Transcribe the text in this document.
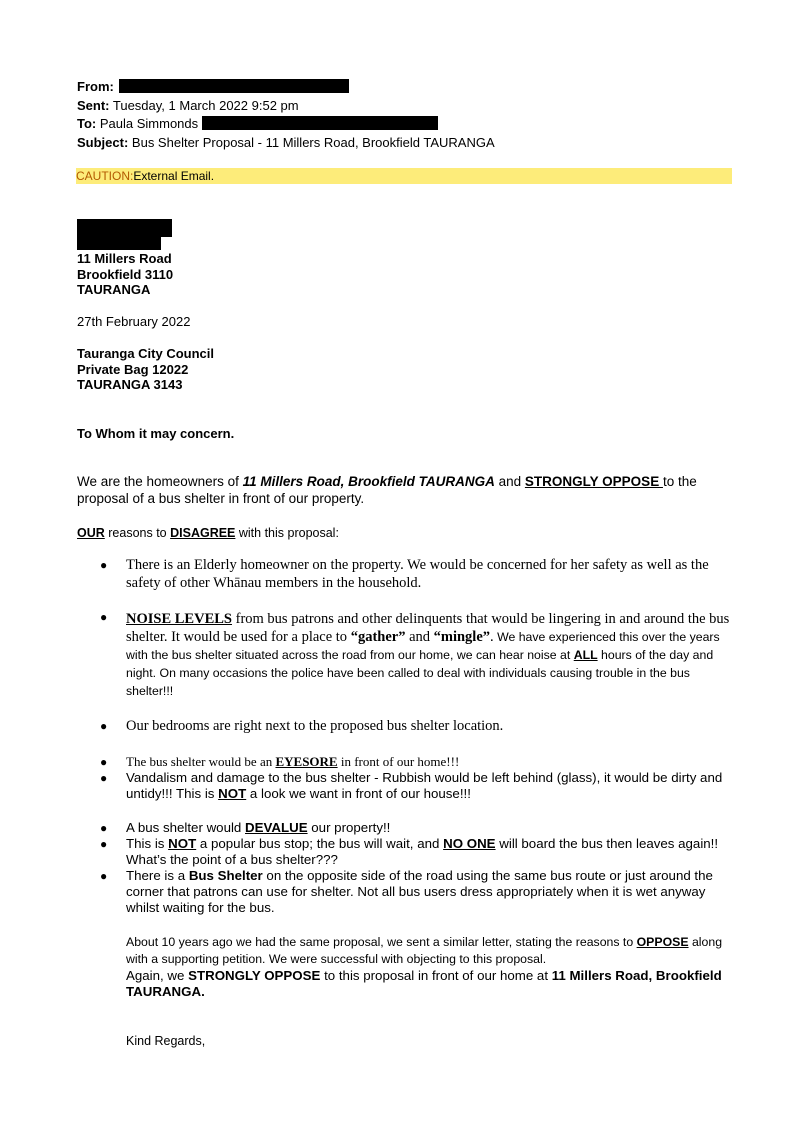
From:
Sent: Tuesday, 1 March 2022 9:52 pm
To: Paula Simmonds
Subject: Bus Shelter Proposal - 11 Millers Road, Brookfield TAURANGA
CAUTION:External Email.
11 Millers Road
Brookfield 3110
TAURANGA
27th February 2022
Tauranga City Council
Private Bag 12022
TAURANGA 3143
To Whom it may concern.
We are the homeowners of 11 Millers Road, Brookfield TAURANGA and STRONGLY OPPOSE to the proposal of a bus shelter in front of our property.
OUR reasons to DISAGREE with this proposal:
● There is an Elderly homeowner on the property. We would be concerned for her safety as well as the safety of other Whānau members in the household.
● NOISE LEVELS from bus patrons and other delinquents that would be lingering in and around the bus shelter. It would be used for a place to “gather” and “mingle”. We have experienced this over the years with the bus shelter situated across the road from our home, we can hear noise at ALL hours of the day and night. On many occasions the police have been called to deal with individuals causing trouble in the bus shelter!!!
● Our bedrooms are right next to the proposed bus shelter location.
● The bus shelter would be an EYESORE in front of our home!!!
● Vandalism and damage to the bus shelter - Rubbish would be left behind (glass), it would be dirty and untidy!!! This is NOT a look we want in front of our house!!!
● A bus shelter would DEVALUE our property!!
● This is NOT a popular bus stop; the bus will wait, and NO ONE will board the bus then leaves again!! What’s the point of a bus shelter???
● There is a Bus Shelter on the opposite side of the road using the same bus route or just around the corner that patrons can use for shelter. Not all bus users dress appropriately when it is wet anyway whilst waiting for the bus.
About 10 years ago we had the same proposal, we sent a similar letter, stating the reasons to OPPOSE along with a supporting petition. We were successful with objecting to this proposal.
Again, we STRONGLY OPPOSE to this proposal in front of our home at 11 Millers Road, Brookfield TAURANGA.
Kind Regards,
